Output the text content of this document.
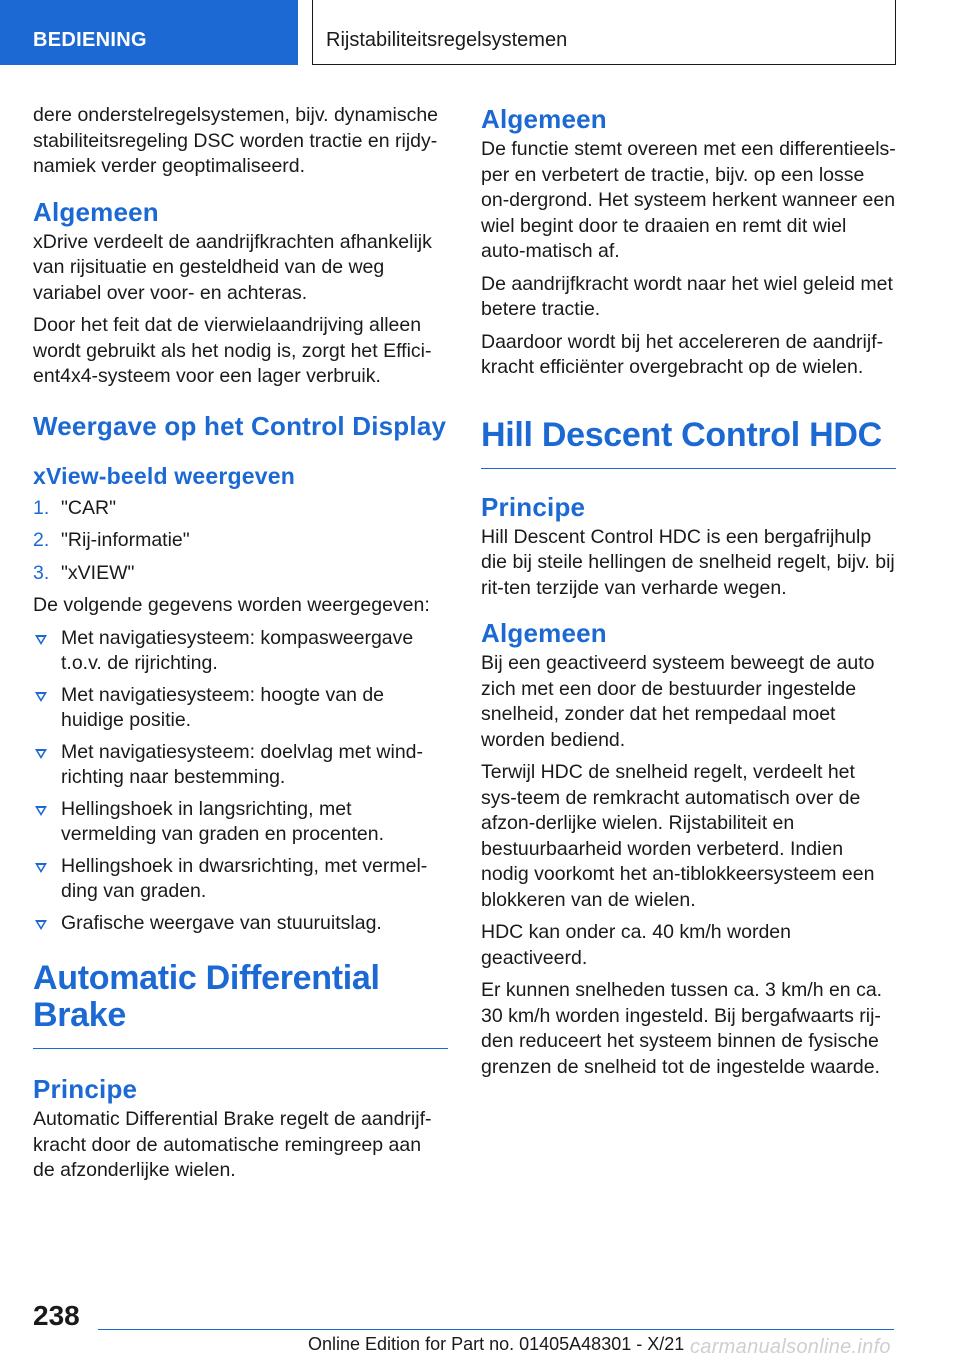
BEDIENING	Rijstabiliteitsregelsystemen

dere onderstelregelsystemen, bijv. dynamische stabiliteitsregeling DSC worden tractie en rijdy‐namiek verder geoptimaliseerd.

Algemeen

xDrive verdeelt de aandrijfkrachten afhankelijk van rijsituatie en gesteldheid van de weg variabel over voor- en achteras.

Door het feit dat de vierwielaandrijving alleen wordt gebruikt als het nodig is, zorgt het Effici‐ent4x4-systeem voor een lager verbruik.

Weergave op het Control Display
xView-beeld weergeven
1. "CAR"
2. "Rij-informatie"
3. "xVIEW"

De volgende gegevens worden weergegeven:

Met navigatiesysteem: kompasweergave t.o.v. de rijrichting.
Met navigatiesysteem: hoogte van de huidige positie.
Met navigatiesysteem: doelvlag met wind‐richting naar bestemming.
Hellingshoek in langsrichting, met vermelding van graden en procenten.
Hellingshoek in dwarsrichting, met vermel‐ding van graden.
Grafische weergave van stuuruitslag.
Automatic Differential Brake
Principe

Automatic Differential Brake regelt de aandrijf‐kracht door de automatische remingreep aan de afzonderlijke wielen.

Algemeen

De functie stemt overeen met een differentieels‐per en verbetert de tractie, bijv. op een losse on‐dergrond. Het systeem herkent wanneer een wiel begint door te draaien en remt dit wiel auto‐matisch af.

De aandrijfkracht wordt naar het wiel geleid met betere tractie.

Daardoor wordt bij het accelereren de aandrijf‐kracht efficiënter overgebracht op de wielen.

Hill Descent Control HDC
Principe

Hill Descent Control HDC is een bergafrijhulp die bij steile hellingen de snelheid regelt, bijv. bij rit‐ten terzijde van verharde wegen.

Algemeen

Bij een geactiveerd systeem beweegt de auto zich met een door de bestuurder ingestelde snelheid, zonder dat het rempedaal moet worden bediend.

Terwijl HDC de snelheid regelt, verdeelt het sys‐teem de remkracht automatisch over de afzon‐derlijke wielen. Rijstabiliteit en bestuurbaarheid worden verbeterd. Indien nodig voorkomt het an‐tiblokkeersysteem een blokkeren van de wielen.

HDC kan onder ca. 40 km/h worden geactiveerd.

Er kunnen snelheden tussen ca. 3 km/h en ca. 30 km/h worden ingesteld. Bij bergafwaarts rij‐den reduceert het systeem binnen de fysische grenzen de snelheid tot de ingestelde waarde.

238
Online Edition for Part no. 01405A48301 - X/21 carmanualsonline.info
